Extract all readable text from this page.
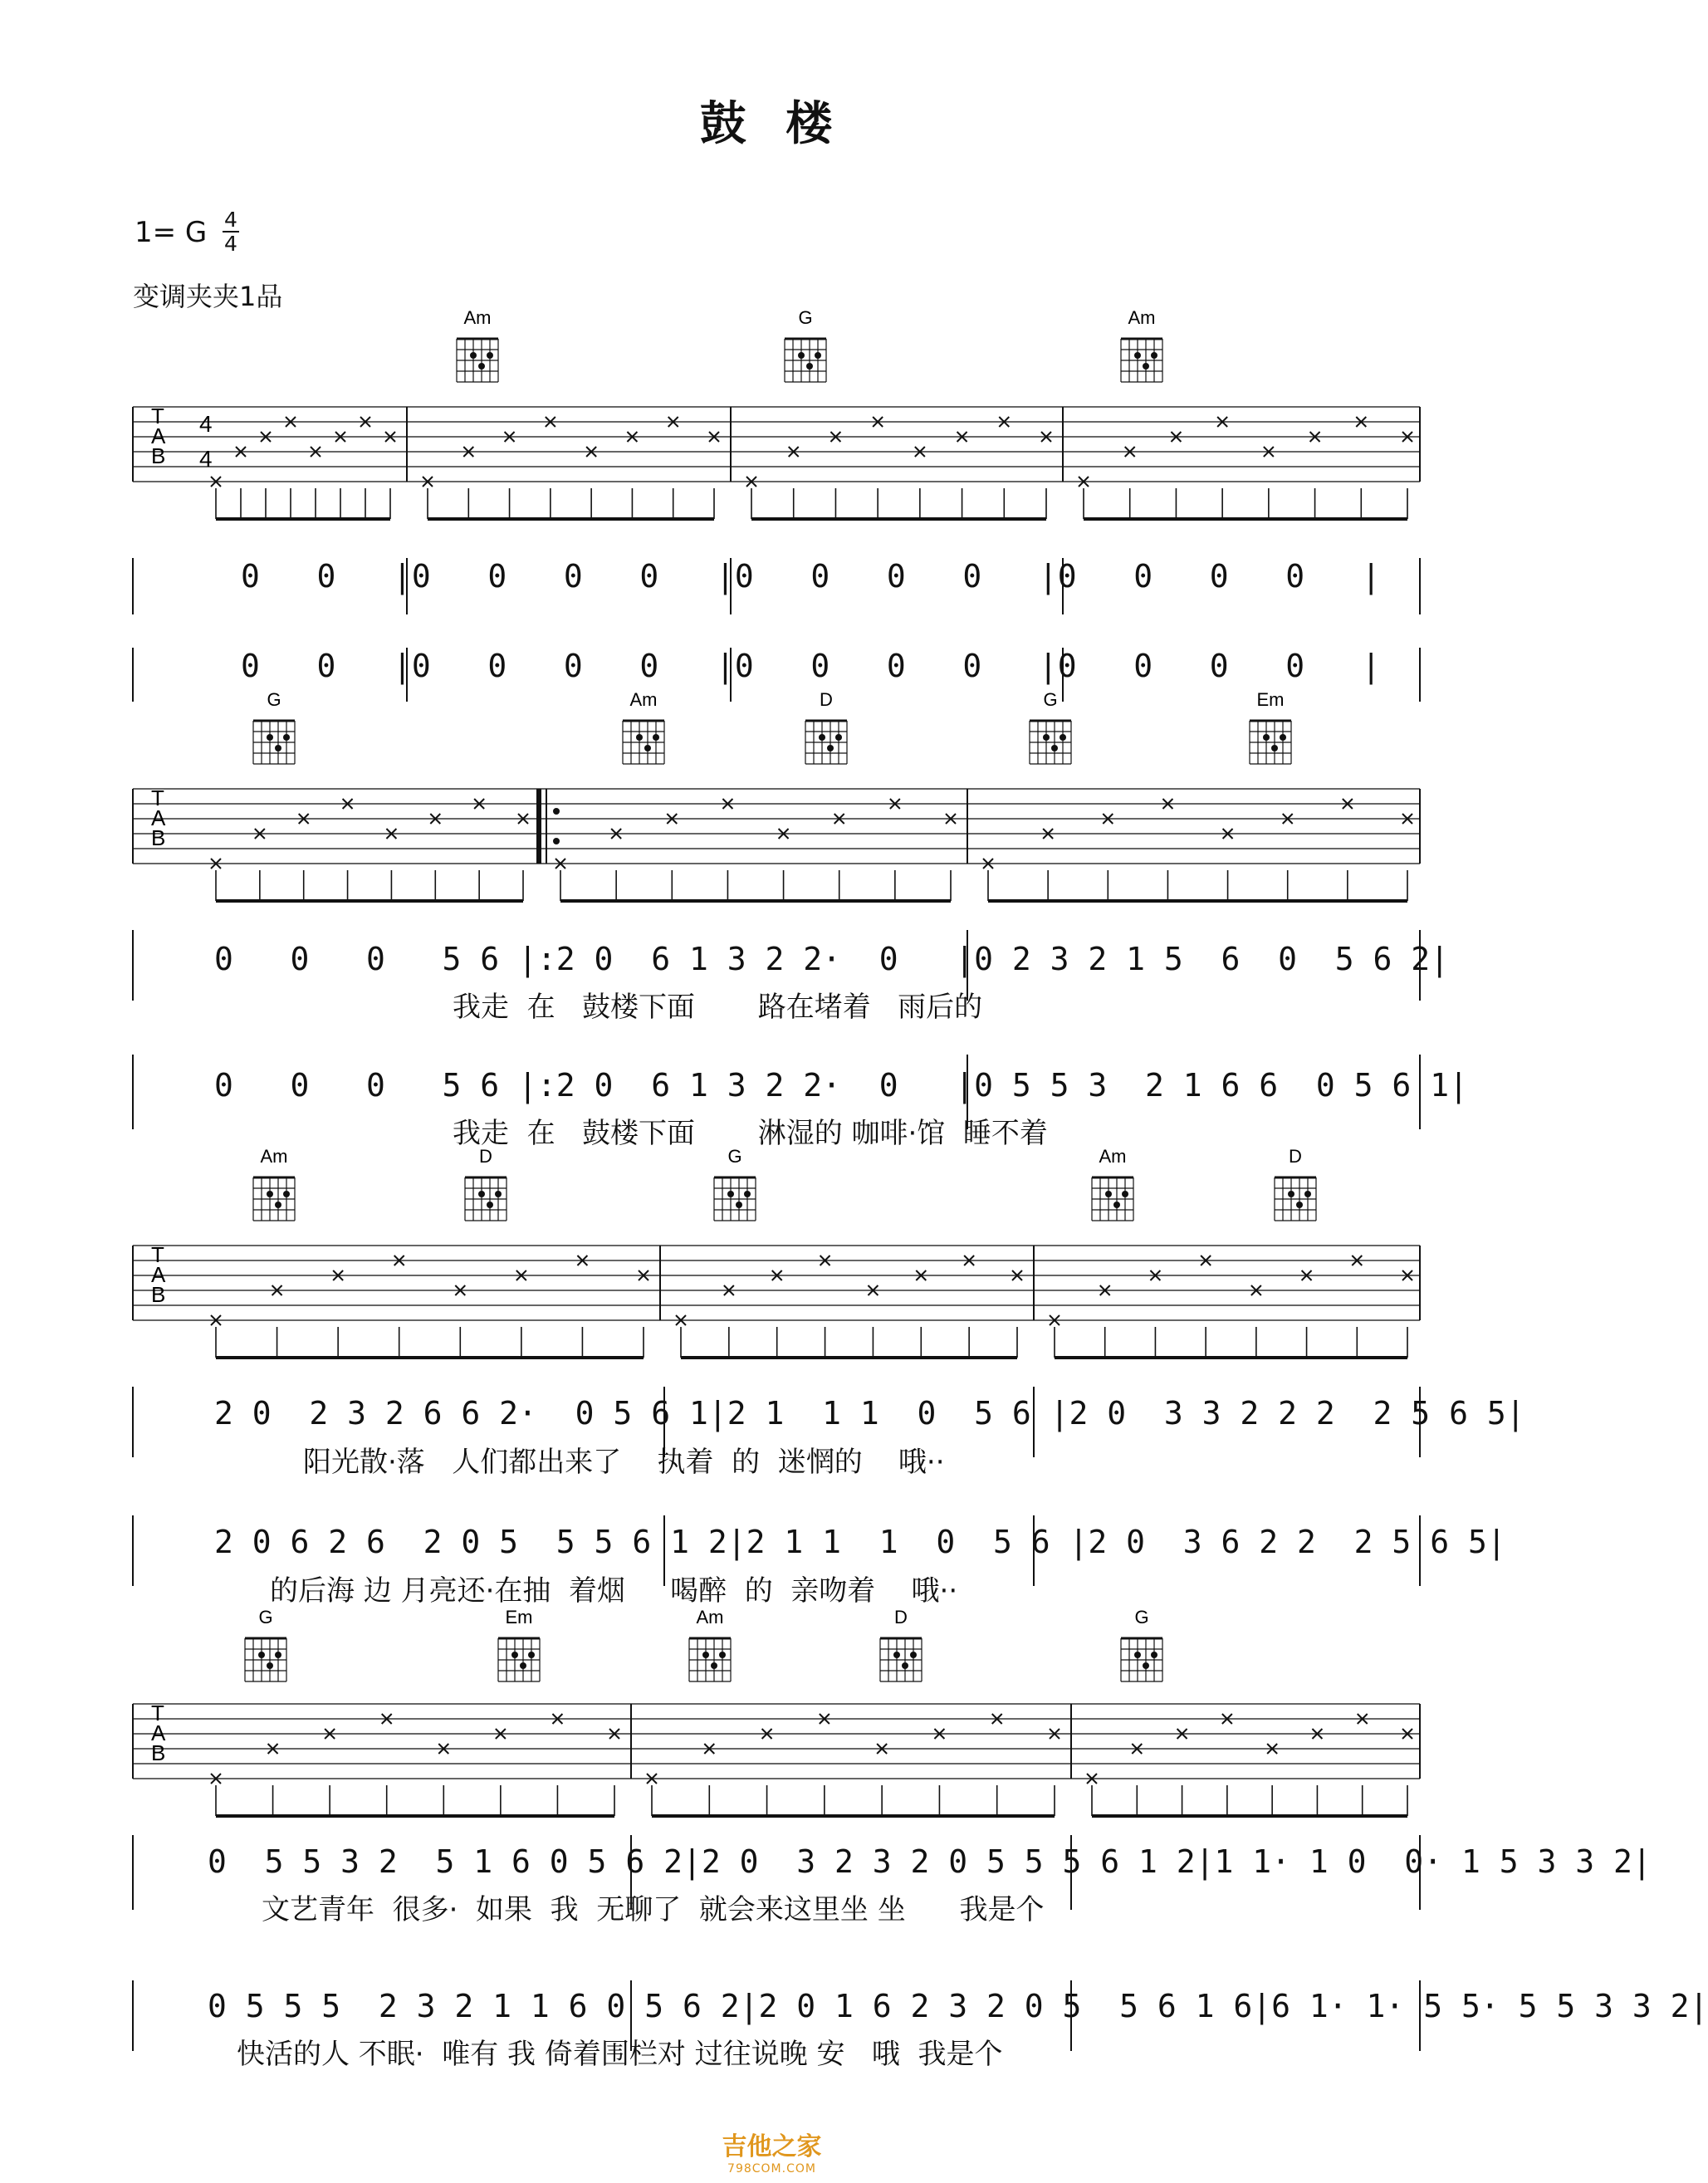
鼓 楼
1= G 4
4
变调夹夹1品
T
A
B
4
4
Am	G	Am
T
A
B
G	Am	D	G	Em
T
A
B
Am	D	G	Am	D
T
A
B
G	Em	Am	D	G
0   0   |0   0   0   0   |0   0   0   0   |0   0   0   0   |
0   0   |0   0   0   0   |0   0   0   0   |0   0   0   0   |
0   0   0   5 6 |:2 0  6 1 3 2 2·  0   |0 2 3 2 1 5  6  0  5 6 2|
我走  在   鼓楼下面       路在堵着   雨后的
0   0   0   5 6 |:2 0  6 1 3 2 2·  0   |0 5 5 3  2 1 6 6  0 5 6 1|
我走  在   鼓楼下面       淋湿的 咖啡·馆  睡不着
2 0  2 3 2 6 6 2·  0 5 6 1|2 1  1 1  0  5 6 |2 0  3 3 2 2 2  2 5 6 5|
阳光散·落   人们都出来了    执着  的  迷惘的    哦··
2 0 6 2 6  2 0 5  5 5 6 1 2|2 1 1  1  0  5 6 |2 0  3 6 2 2  2 5 6 5|
的后海 边 月亮还·在抽  着烟     喝醉  的  亲吻着    哦··
0  5 5 3 2  5 1 6 0 5 6 2|2 0  3 2 3 2 0 5 5 5 6 1 2|1 1· 1 0  0· 1 5 3 3 2|
文艺青年  很多·  如果  我  无聊了  就会来这里坐 坐      我是个
0 5 5 5  2 3 2 1 1 6 0 5 6 2|2 0 1 6 2 3 2 0 5  5 6 1 6|6 1· 1· 5 5· 5 5 3 3 2|
快活的人 不眠·  唯有 我 倚着围栏对 过往说晚 安   哦  我是个
吉他之家
798COM.COM
